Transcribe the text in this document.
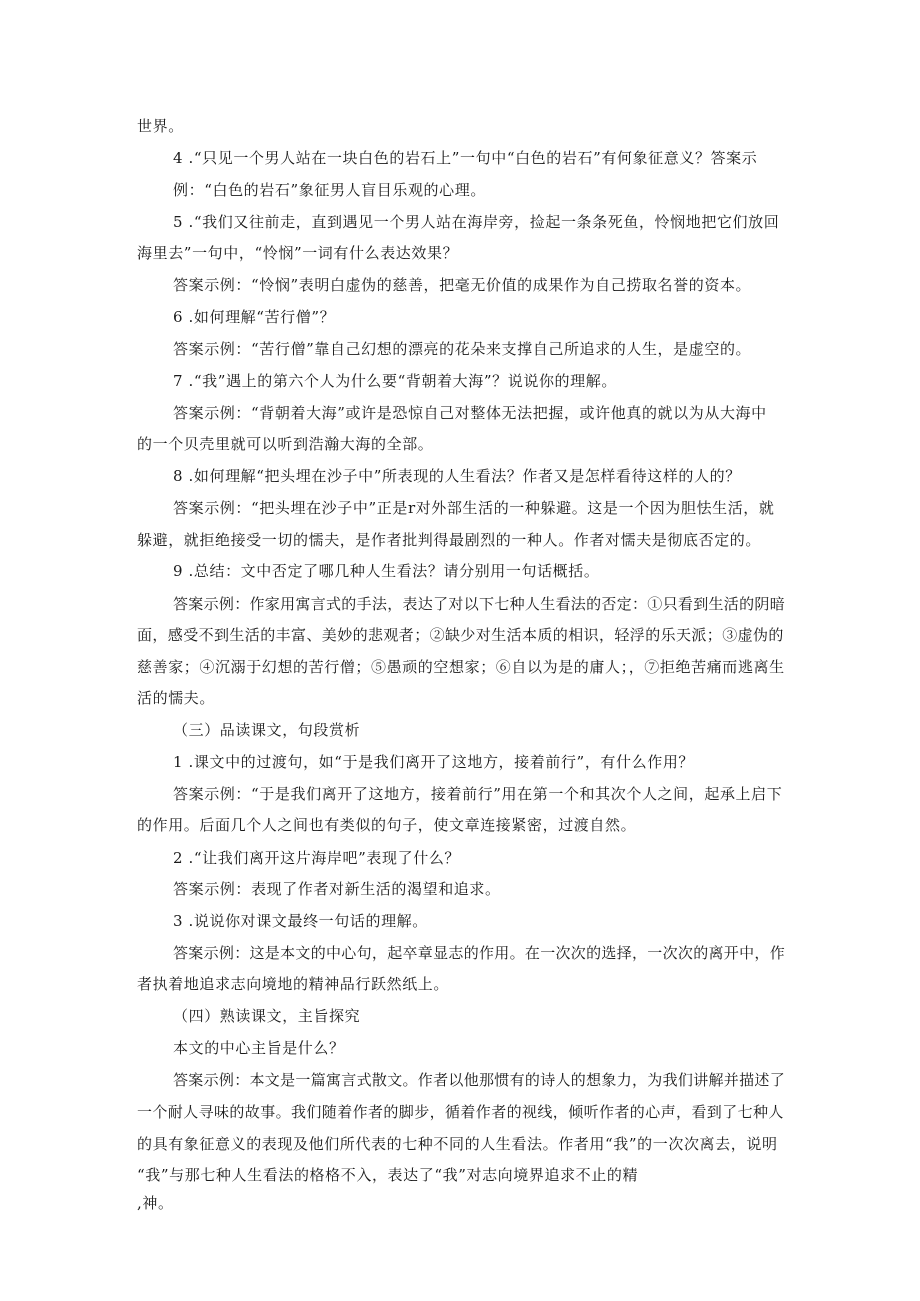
世界。
4 .“只见一个男人站在一块白色的岩石上”一句中“白色的岩石”有何象征意义？答案示
例：“白色的岩石”象征男人盲目乐观的心理。
5 .“我们又往前走，直到遇见一个男人站在海岸旁，捡起一条条死鱼，怜悯地把它们放回
海里去”一句中，“怜悯”一词有什么表达效果？
答案示例：“怜悯”表明白虚伪的慈善，把毫无价值的成果作为自己捞取名誉的资本。
6 .如何理解“苦行僧”？
答案示例：“苦行僧”靠自己幻想的漂亮的花朵来支撑自己所追求的人生，是虚空的。
7 .“我”遇上的第六个人为什么要“背朝着大海”？说说你的理解。
答案示例：“背朝着大海”或许是恐惊自己对整体无法把握，或许他真的就以为从大海中
的一个贝壳里就可以听到浩瀚大海的全部。
8 .如何理解“把头埋在沙子中”所表现的人生看法？作者又是怎样看待这样的人的？
答案示例：“把头埋在沙子中”正是r对外部生活的一种躲避。这是一个因为胆怯生活，就
躲避，就拒绝接受一切的懦夫，是作者批判得最剧烈的一种人。作者对懦夫是彻底否定的。
9 .总结：文中否定了哪几种人生看法？请分别用一句话概括。
答案示例：作家用寓言式的手法，表达了对以下七种人生看法的否定：①只看到生活的阴暗
面，感受不到生活的丰富、美妙的悲观者；②缺少对生活本质的相识，轻浮的乐天派；③虚伪的
慈善家；④沉溺于幻想的苦行僧；⑤愚顽的空想家；⑥自以为是的庸人；，⑦拒绝苦痛而逃离生
活的懦夫。
（三）品读课文，句段赏析
1 .课文中的过渡句，如“于是我们离开了这地方，接着前行”，有什么作用？
答案示例：“于是我们离开了这地方，接着前行”用在第一个和其次个人之间，起承上启下
的作用。后面几个人之间也有类似的句子，使文章连接紧密，过渡自然。
2 .“让我们离开这片海岸吧”表现了什么？
答案示例：表现了作者对新生活的渴望和追求。
3 .说说你对课文最终一句话的理解。
答案示例：这是本文的中心句，起卒章显志的作用。在一次次的选择，一次次的离开中，作
者执着地追求志向境地的精神品行跃然纸上。
（四）熟读课文，主旨探究
本文的中心主旨是什么？
答案示例：本文是一篇寓言式散文。作者以他那惯有的诗人的想象力，为我们讲解并描述了
一个耐人寻味的故事。我们随着作者的脚步，循着作者的视线，倾听作者的心声，看到了七种人
的具有象征意义的表现及他们所代表的七种不同的人生看法。作者用“我”的一次次离去，说明
“我”与那七种人生看法的格格不入，表达了“我”对志向境界追求不止的精
,神。
